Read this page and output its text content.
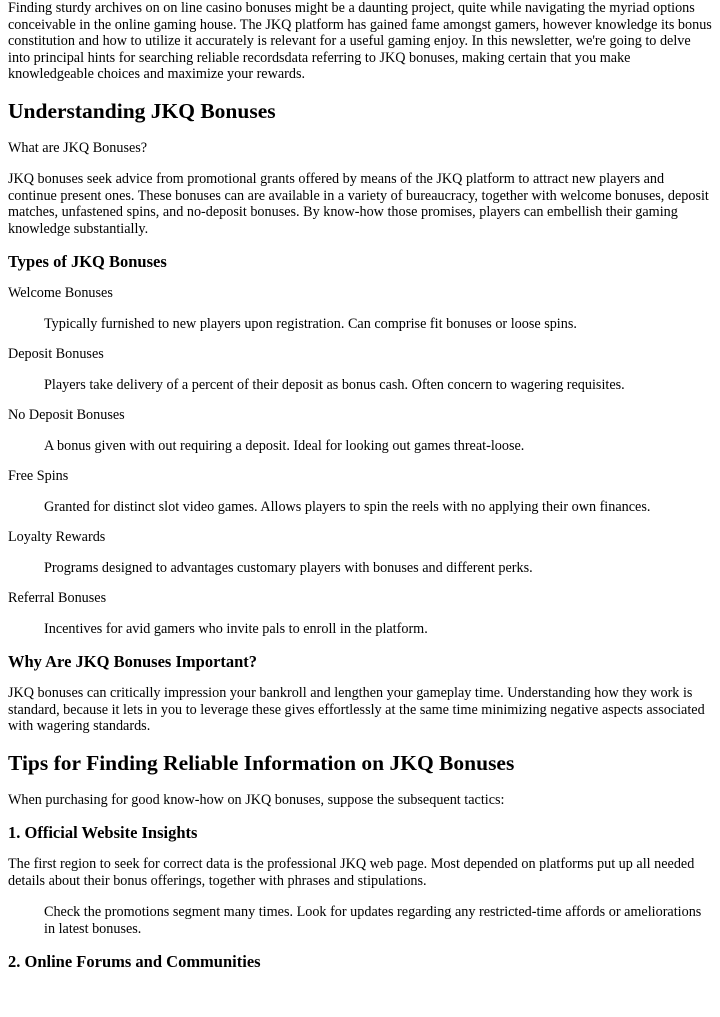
Finding sturdy archives on on line casino bonuses might be a daunting project, quite while navigating the myriad options conceivable in the online gaming house. The JKQ platform has gained fame amongst gamers, however knowledge its bonus constitution and how to utilize it accurately is relevant for a useful gaming enjoy. In this newsletter, we're going to delve into principal hints for searching reliable recordsdata referring to JKQ bonuses, making certain that you make knowledgeable choices and maximize your rewards.

Understanding JKQ Bonuses

What are JKQ Bonuses?

JKQ bonuses seek advice from promotional grants offered by means of the JKQ platform to attract new players and continue present ones. These bonuses can are available in a variety of bureaucracy, together with welcome bonuses, deposit matches, unfastened spins, and no-deposit bonuses. By know-how those promises, players can embellish their gaming knowledge substantially.

Types of JKQ Bonuses
Welcome Bonuses
Typically furnished to new players upon registration. Can comprise fit bonuses or loose spins.
Deposit Bonuses
Players take delivery of a percent of their deposit as bonus cash. Often concern to wagering requisites.
No Deposit Bonuses
A bonus given with out requiring a deposit. Ideal for looking out games threat-loose.
Free Spins
Granted for distinct slot video games. Allows players to spin the reels with no applying their own finances.
Loyalty Rewards
Programs designed to advantages customary players with bonuses and different perks.
Referral Bonuses
Incentives for avid gamers who invite pals to enroll in the platform.
Why Are JKQ Bonuses Important?

JKQ bonuses can critically impression your bankroll and lengthen your gameplay time. Understanding how they work is standard, because it lets in you to leverage these gives effortlessly at the same time minimizing negative aspects associated with wagering standards.

Tips for Finding Reliable Information on JKQ Bonuses

When purchasing for good know-how on JKQ bonuses, suppose the subsequent tactics:

1. Official Website Insights

The first region to seek for correct data is the professional JKQ web page. Most depended on platforms put up all needed details about their bonus offerings, together with phrases and stipulations.

Check the promotions segment many times. Look for updates regarding any restricted-time affords or ameliorations in latest bonuses.

2. Online Forums and Communities
